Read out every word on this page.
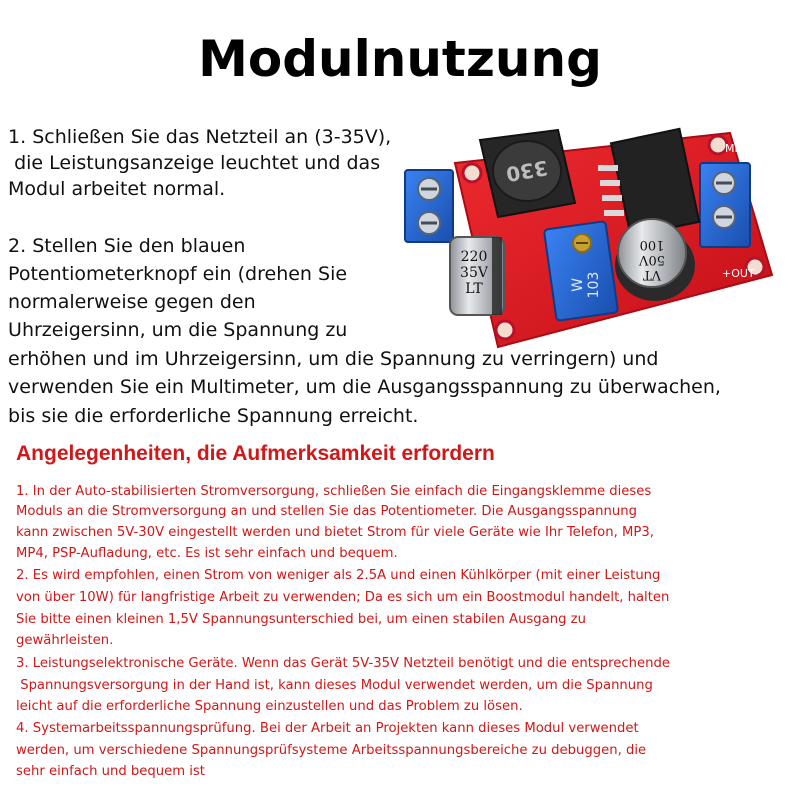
Modulnutzung
1. Schließen Sie das Netzteil an (3-35V),
die Leistungsanzeige leuchtet und das
Modul arbeitet normal.
2. Stellen Sie den blauen
Potentiometerknopf ein (drehen Sie
normalerweise gegen den
Uhrzeigersinn, um die Spannung zu
erhöhen und im Uhrzeigersinn, um die Spannung zu verringern) und
verwenden Sie ein Multimeter, um die Ausgangsspannung zu überwachen,
bis sie die erforderliche Spannung erreicht.
MH
+OUT-
330
220
35V
LT	W 103
100
50V
VT
Angelegenheiten, die Aufmerksamkeit erfordern
1. In der Auto-stabilisierten Stromversorgung, schließen Sie einfach die Eingangsklemme dieses
Moduls an die Stromversorgung an und stellen Sie das Potentiometer. Die Ausgangsspannung
kann zwischen 5V-30V eingestellt werden und bietet Strom für viele Geräte wie Ihr Telefon, MP3,
MP4, PSP-Aufladung, etc. Es ist sehr einfach und bequem.
2. Es wird empfohlen, einen Strom von weniger als 2.5A und einen Kühlkörper (mit einer Leistung
von über 10W) für langfristige Arbeit zu verwenden; Da es sich um ein Boostmodul handelt, halten
Sie bitte einen kleinen 1,5V Spannungsunterschied bei, um einen stabilen Ausgang zu
gewährleisten.
3. Leistungselektronische Geräte. Wenn das Gerät 5V-35V Netzteil benötigt und die entsprechende
Spannungsversorgung in der Hand ist, kann dieses Modul verwendet werden, um die Spannung
leicht auf die erforderliche Spannung einzustellen und das Problem zu lösen.
4. Systemarbeitsspannungsprüfung. Bei der Arbeit an Projekten kann dieses Modul verwendet
werden, um verschiedene Spannungsprüfsysteme Arbeitsspannungsbereiche zu debuggen, die
sehr einfach und bequem ist
